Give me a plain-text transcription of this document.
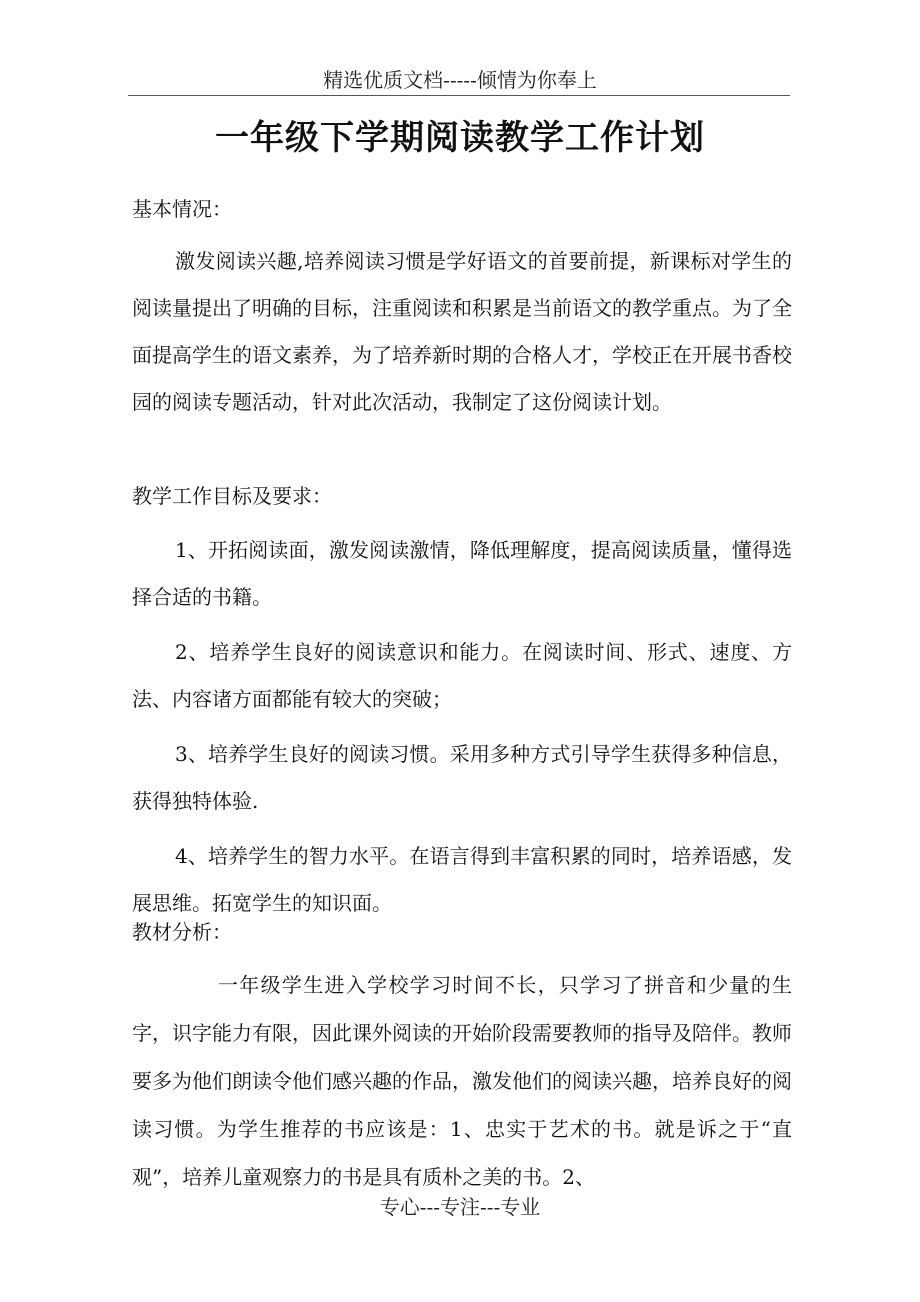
精选优质文档-----倾情为你奉上
一年级下学期阅读教学工作计划

基本情况：

激发阅读兴趣,培养阅读习惯是学好语文的首要前提，新课标对学生的阅读量提出了明确的目标，注重阅读和积累是当前语文的教学重点。为了全面提高学生的语文素养，为了培养新时期的合格人才，学校正在开展书香校园的阅读专题活动，针对此次活动，我制定了这份阅读计划。

教学工作目标及要求：

1、开拓阅读面，激发阅读激情，降低理解度，提高阅读质量，懂得选择合适的书籍。

2、培养学生良好的阅读意识和能力。在阅读时间、形式、速度、方法、内容诸方面都能有较大的突破；

3、培养学生良好的阅读习惯。采用多种方式引导学生获得多种信息，获得独特体验.

4、培养学生的智力水平。在语言得到丰富积累的同时，培养语感，发展思维。拓宽学生的知识面。

教材分析：

一年级学生进入学校学习时间不长，只学习了拼音和少量的生字，识字能力有限，因此课外阅读的开始阶段需要教师的指导及陪伴。教师要多为他们朗读令他们感兴趣的作品，激发他们的阅读兴趣，培养良好的阅读习惯。为学生推荐的书应该是：1、忠实于艺术的书。就是诉之于“直观”，培养儿童观察力的书是具有质朴之美的书。2、

专心---专注---专业
